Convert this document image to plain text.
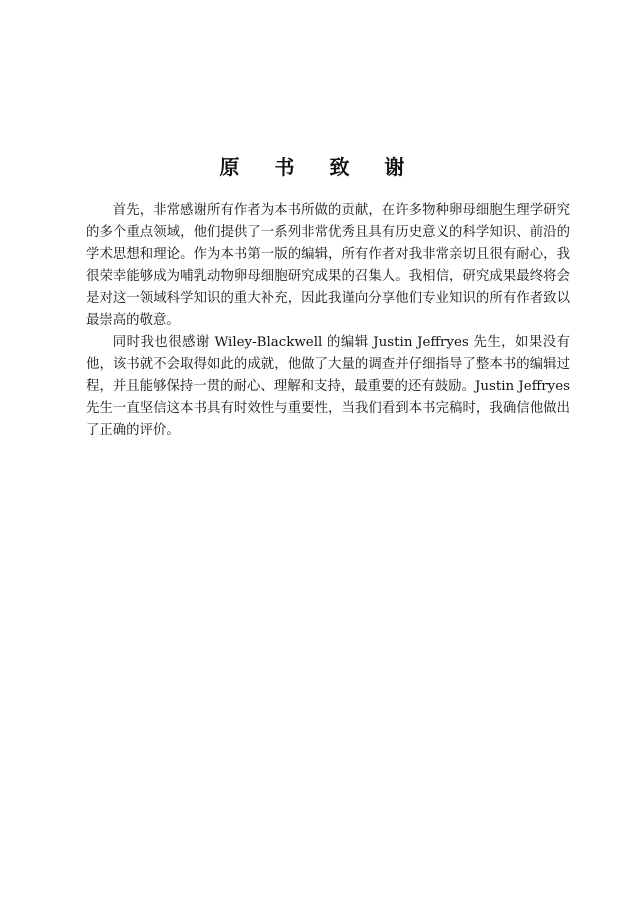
原 书 致 谢

首先，非常感谢所有作者为本书所做的贡献，在许多物种卵母细胞生理学研究的多个重点领域，他们提供了一系列非常优秀且具有历史意义的科学知识、前沿的学术思想和理论。作为本书第一版的编辑，所有作者对我非常亲切且很有耐心，我很荣幸能够成为哺乳动物卵母细胞研究成果的召集人。我相信，研究成果最终将会是对这一领域科学知识的重大补充，因此我谨向分享他们专业知识的所有作者致以最崇高的敬意。

同时我也很感谢 Wiley-Blackwell 的编辑 Justin Jeffryes 先生，如果没有他，该书就不会取得如此的成就，他做了大量的调查并仔细指导了整本书的编辑过程，并且能够保持一贯的耐心、理解和支持，最重要的还有鼓励。Justin Jeffryes 先生一直坚信这本书具有时效性与重要性，当我们看到本书完稿时，我确信他做出了正确的评价。
